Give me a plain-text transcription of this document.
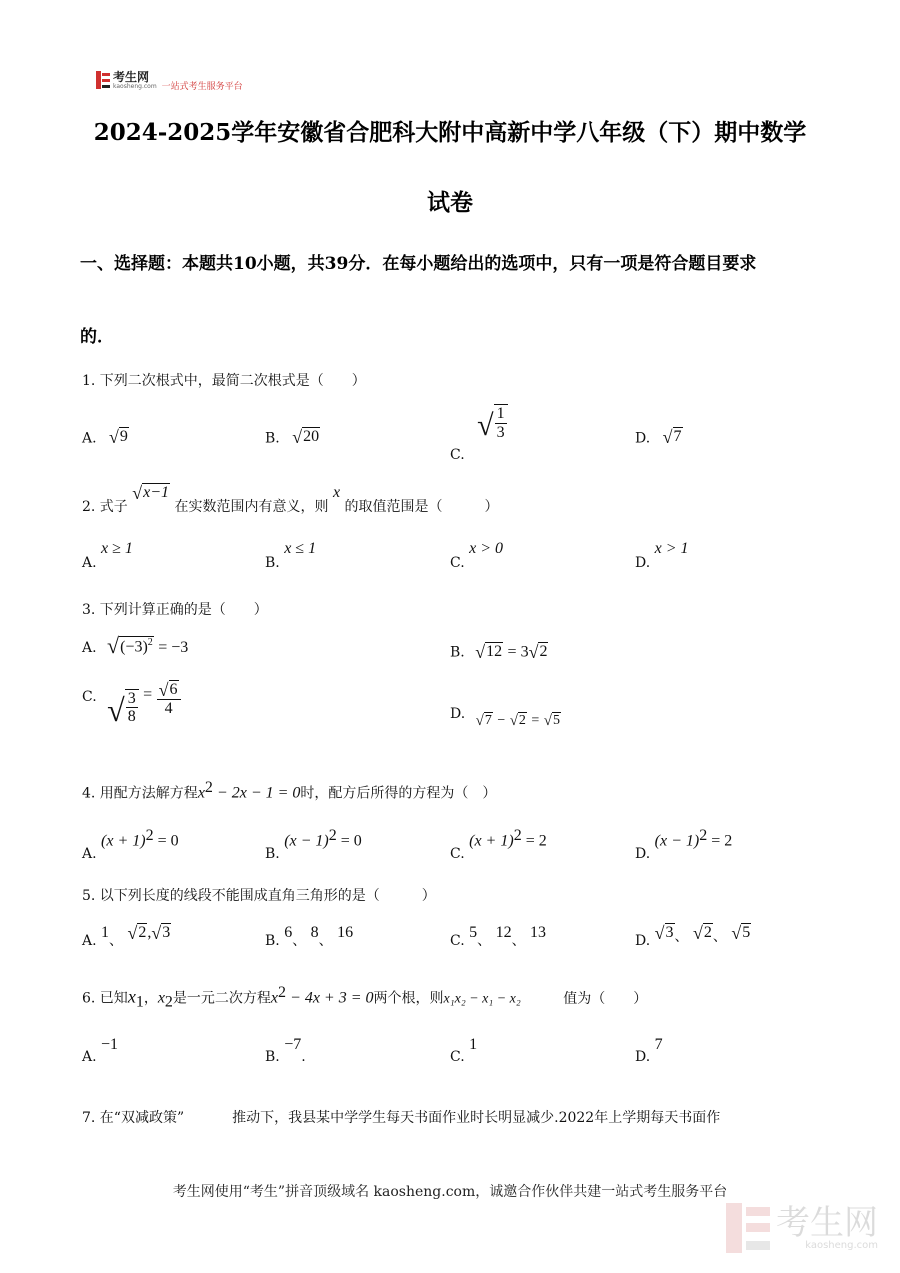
考生网
kaosheng.com 一站式考生服务平台
2024-2025学年安徽省合肥科大附中高新中学八年级（下）期中数学
试卷
一、选择题：本题共10小题，共39分．在每小题给出的选项中，只有一项是符合题目要求
的．
1. 下列二次根式中，最简二次根式是（　　）
A. √ 9	B. √ 20
C.
√ $\frac{1}{3}$	D. √ 7
2. 式子
√ x−1
在实数范围内有意义，则 x 的取值范围是（　　　）
A. x ≥ 1
B. x ≤ 1
C. x > 0
D. x > 1
3. 下列计算正确的是（　　）
A. √ $(-3)^2 = -3$	B. √ 12 = 3 √ 2
C. √ $\frac{3}{8} = \frac{√ 6}{4}$	D. √ 7 − √ 2 = √ 5
4. 用配方法解方程$x^2 - 2x - 1 = 0$时，配方后所得的方程为（　）
A. $(x + 1)^2 = 0$
B. $(x - 1)^2 = 0$
C. $(x + 1)^2 = 2$
D. $(x - 1)^2 = 2$
5. 以下列长度的线段不能围成直角三角形的是（　　　）
A. 1、 √ 2 , √ 3
B. 6、 8、 16	C. 5、 12、 13	D. √ 3 、 √ 2 、 √ 5
6. 已知$x_1$，$x_2$是一元二次方程$x^2 - 4x + 3 = 0$两个根，则x₁x₂ − x₁ − x₂	值为（　　）
A. −1
B. −7.	C. 1
D. 7
7. 在“双减政策”	推动下，我县某中学学生每天书面作业时长明显减少.2022年上学期每天书面作
考生网使用“考生”拼音顶级域名 kaosheng.com，诚邀合作伙伴共建一站式考生服务平台
考生网
kaosheng.com
